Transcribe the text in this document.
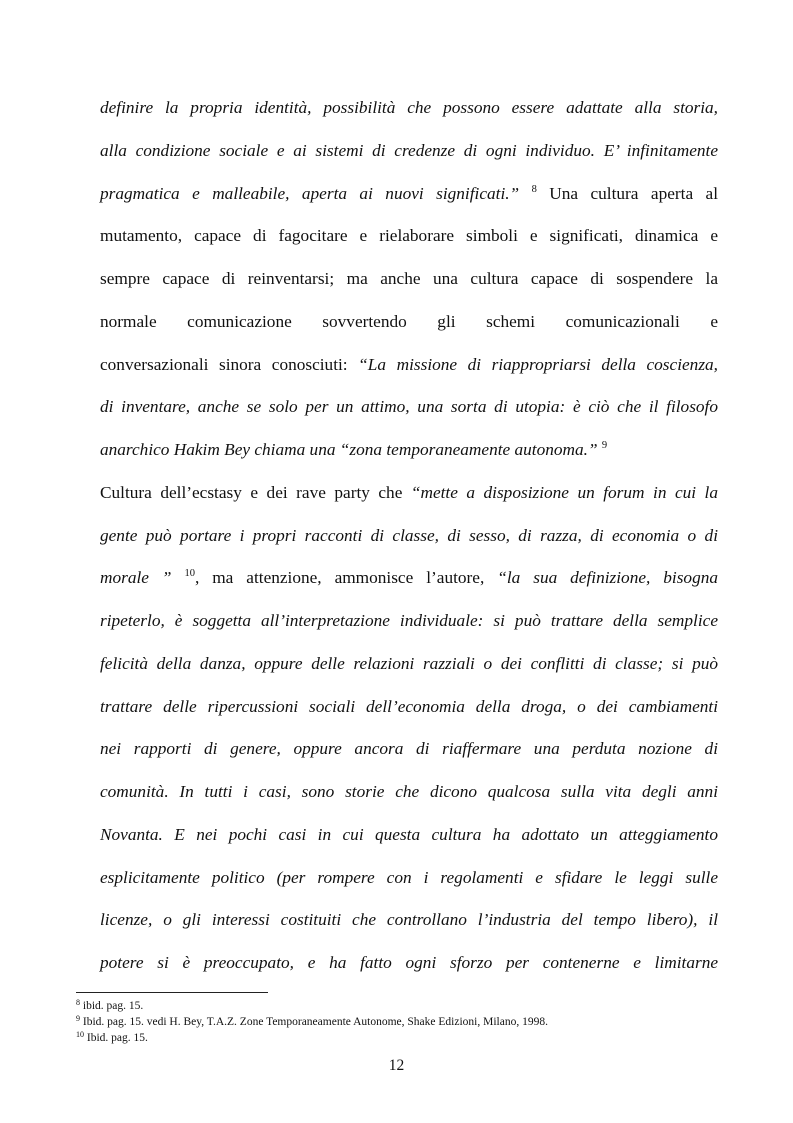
definire la propria identità, possibilità che possono essere adattate alla storia,
alla condizione sociale e ai sistemi di credenze di ogni individuo. E’ infinitamente
pragmatica e malleabile, aperta ai nuovi significati.” $^8$ Una cultura aperta al
mutamento, capace di fagocitare e rielaborare simboli e significati, dinamica e
sempre capace di reinventarsi; ma anche una cultura capace di sospendere la
normale comunicazione sovvertendo gli schemi comunicazionali e
conversazionali sinora conosciuti: “La missione di riappropriarsi della coscienza,
di inventare, anche se solo per un attimo, una sorta di utopia: è ciò che il filosofo
anarchico Hakim Bey chiama una “zona temporaneamente autonoma.” $^9$
Cultura dell’ecstasy e dei rave party che “mette a disposizione un forum in cui la
gente può portare i propri racconti di classe, di sesso, di razza, di economia o di
morale ” $^{10}$, ma attenzione, ammonisce l’autore, “la sua definizione, bisogna
ripeterlo, è soggetta all’interpretazione individuale: si può trattare della semplice
felicità della danza, oppure delle relazioni razziali o dei conflitti di classe; si può
trattare delle ripercussioni sociali dell’economia della droga, o dei cambiamenti
nei rapporti di genere, oppure ancora di riaffermare una perduta nozione di
comunità. In tutti i casi, sono storie che dicono qualcosa sulla vita degli anni
Novanta. E nei pochi casi in cui questa cultura ha adottato un atteggiamento
esplicitamente politico (per rompere con i regolamenti e sfidare le leggi sulle
licenze, o gli interessi costituiti che controllano l’industria del tempo libero), il
potere si è preoccupato, e ha fatto ogni sforzo per contenerne e limitarne
$^8$ ibid. pag. 15.
$^9$ Ibid. pag. 15. vedi H. Bey, T.A.Z. Zone Temporaneamente Autonome, Shake Edizioni, Milano, 1998.
$^{10}$ Ibid. pag. 15.
12
